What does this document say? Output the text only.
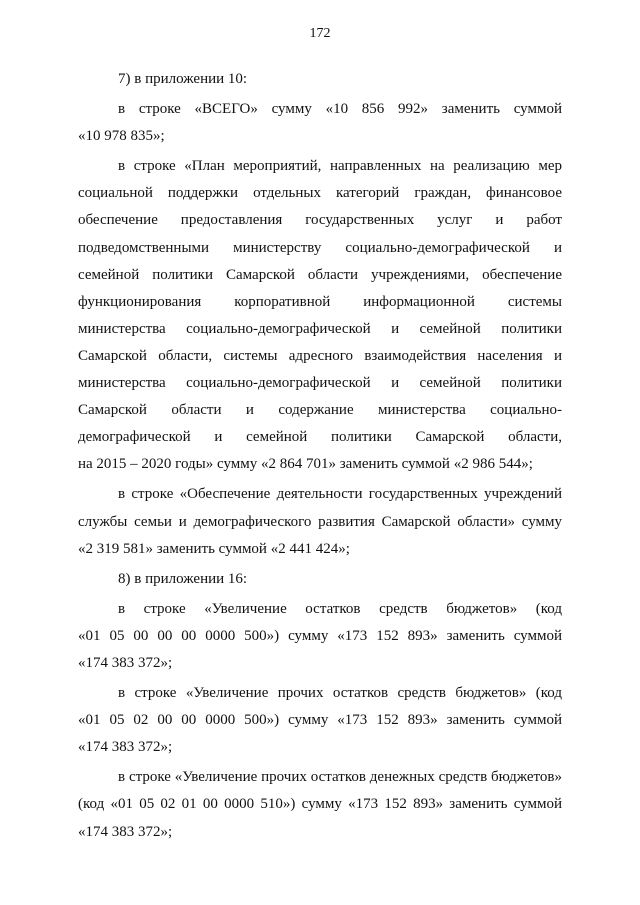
172
7) в приложении 10:
в строке «ВСЕГО» сумму «10 856 992» заменить суммой
«10 978 835»;
в строке «План мероприятий, направленных на реализацию мер
социальной поддержки отдельных категорий граждан, финансовое
обеспечение предоставления государственных услуг и работ
подведомственными министерству социально-демографической и
семейной политики Самарской области учреждениями, обеспечение
функционирования корпоративной информационной системы
министерства социально-демографической и семейной политики
Самарской области, системы адресного взаимодействия населения и
министерства социально-демографической и семейной политики
Самарской области и содержание министерства социально-
демографической и семейной политики Самарской области,
на 2015 – 2020 годы» сумму «2 864 701» заменить суммой «2 986 544»;
в строке «Обеспечение деятельности государственных учреждений
службы семьи и демографического развития Самарской области» сумму
«2 319 581» заменить суммой «2 441 424»;
8) в приложении 16:
в строке «Увеличение остатков средств бюджетов» (код
«01 05 00 00 00 0000 500») сумму «173 152 893» заменить суммой
«174 383 372»;
в строке «Увеличение прочих остатков средств бюджетов» (код
«01 05 02 00 00 0000 500») сумму «173 152 893» заменить суммой
«174 383 372»;
в строке «Увеличение прочих остатков денежных средств бюджетов»
(код «01 05 02 01 00 0000 510») сумму «173 152 893» заменить суммой
«174 383 372»;
